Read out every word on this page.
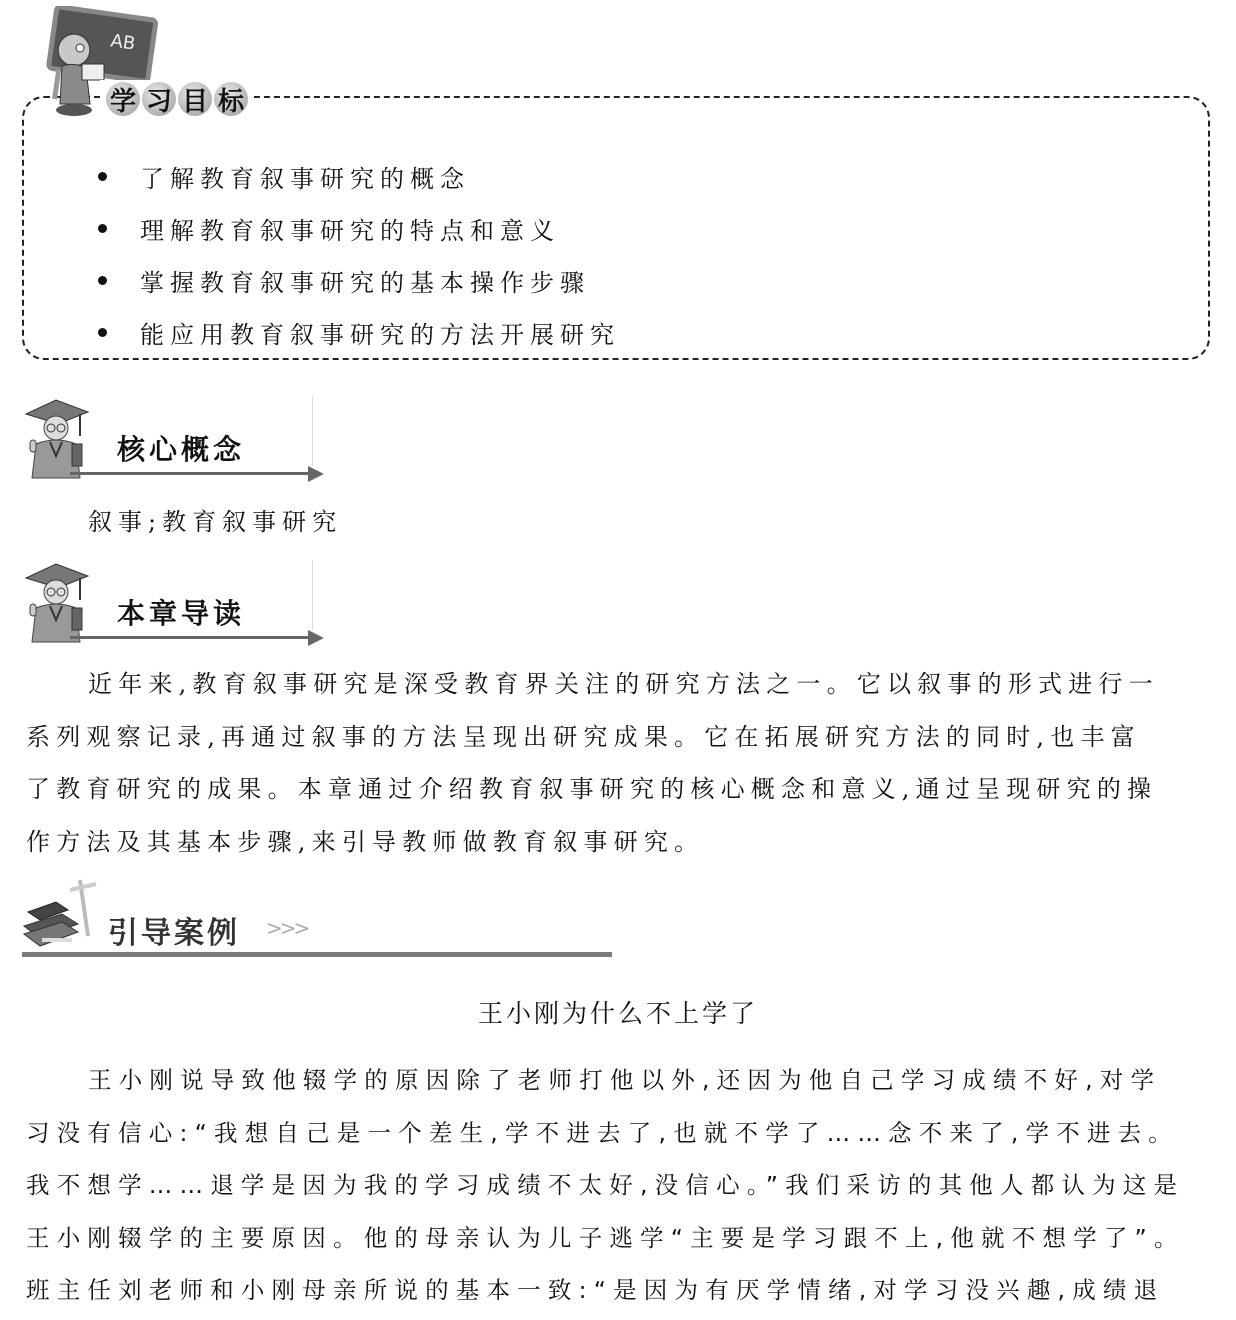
AB
学 习 目 标
了解教育叙事研究的概念
理解教育叙事研究的特点和意义
掌握教育叙事研究的基本操作步骤
能应用教育叙事研究的方法开展研究
核心概念
叙事;教育叙事研究
本章导读

近年来,教育叙事研究是深受教育界关注的研究方法之一。它以叙事的形式进行一
系列观察记录,再通过叙事的方法呈现出研究成果。它在拓展研究方法的同时,也丰富
了教育研究的成果。本章通过介绍教育叙事研究的核心概念和意义,通过呈现研究的操
作方法及其基本步骤,来引导教师做教育叙事研究。

引导案例 >>>
王小刚为什么不上学了

王小刚说导致他辍学的原因除了老师打他以外,还因为他自己学习成绩不好,对学
习没有信心:“我想自己是一个差生,学不进去了,也就不学了……念不来了,学不进去。
我不想学……退学是因为我的学习成绩不太好,没信心。”我们采访的其他人都认为这是
王小刚辍学的主要原因。他的母亲认为儿子逃学“主要是学习跟不上,他就不想学了”。
班主任刘老师和小刚母亲所说的基本一致:“是因为有厌学情绪,对学习没兴趣,成绩退
